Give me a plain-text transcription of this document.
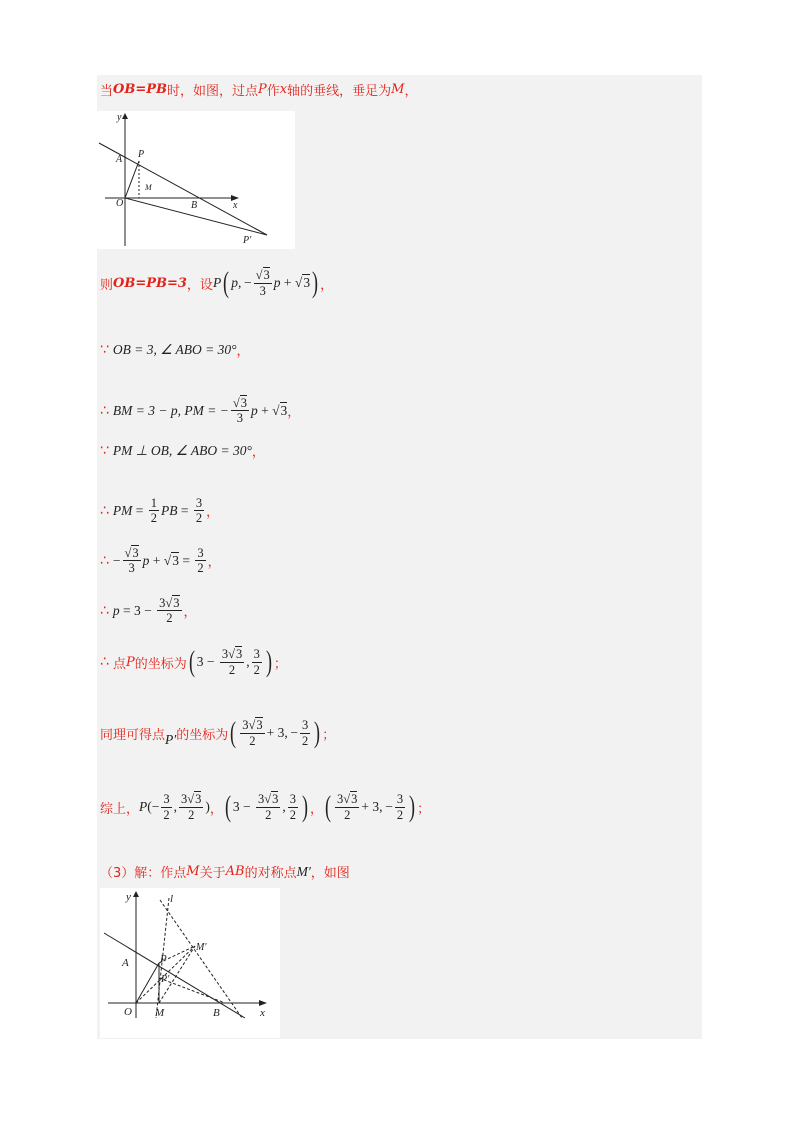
当 OB=PB 时，如图，过点 P 作 x 轴的垂线，垂足为 M ，
y
x
A P
M
O	B
P′
则 OB=PB=3 ，设 P ( p , − $\frac{√3}{3}$ p + √3 ) ，
∵ OB = 3, ∠ ABO = 30° ，
∴ BM = 3 − p, PM = − $\frac{√3}{3}$ p + √3 ，
∵ PM ⊥ OB, ∠ ABO = 30° ，
∴ PM = $\frac{1}{2}$ PB = $\frac{3}{2}$ ，
∴ − $\frac{√3}{3}$ $p + √3 = \frac{3}{2}$ ，
∴ $p = 3 - \frac{3√3}{2}$ ，
∴ 点 P 的坐标为 ( $3 - \frac{3√3}{2}$ , $\frac{3}{2}$ ) ；
同理可得点 P′ 的坐标为 ( $\frac{3√3}{2} + 3$, − $\frac{3}{2}$ ) ；
综上， P (− $\frac{3}{2}$ , $\frac{3√3}{2}$ ) ， ( $3 - \frac{3√3}{2}$ , $\frac{3}{2}$ ) ， ( $\frac{3√3}{2} + 3$, − $\frac{3}{2}$ ) ；
（3）解：作点 M 关于 AB 的对称点 M′ ，如图
y
x
l
A	P
M′
P′
O M	B
